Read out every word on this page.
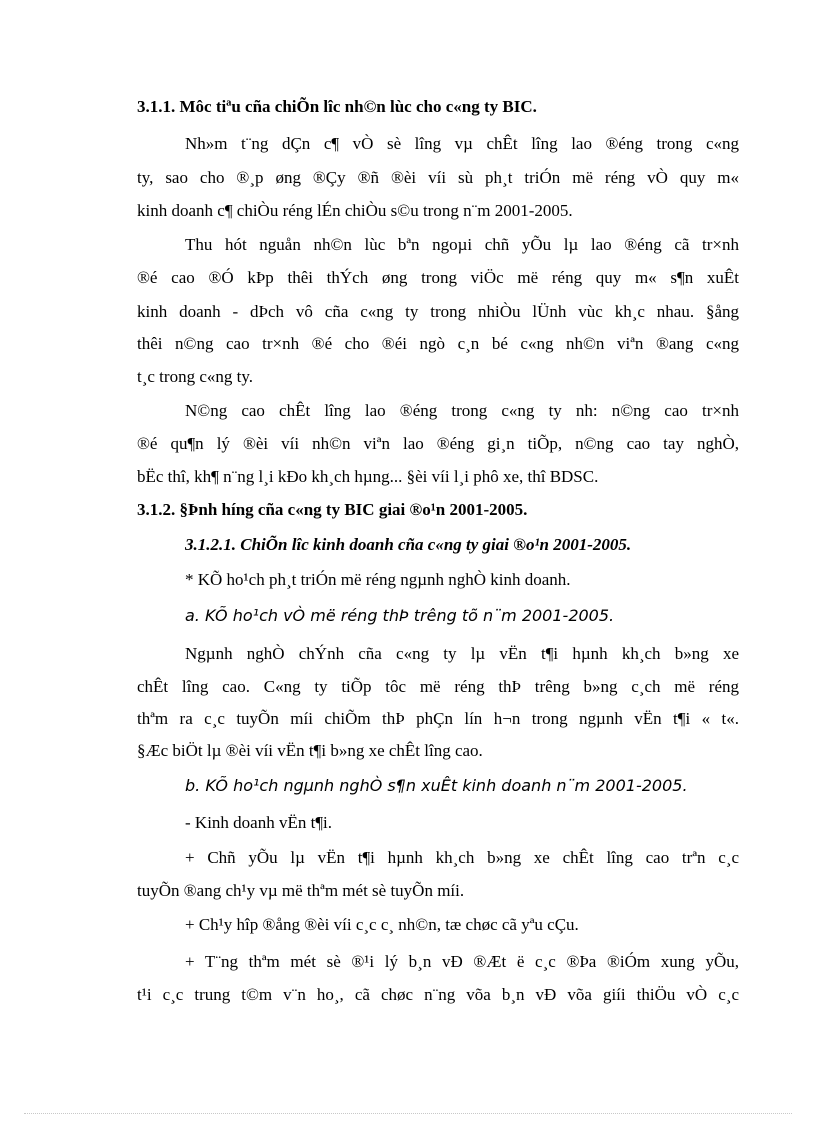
3.1.1. Môc tiªu cña chiÕn lîc nh©n lùc cho c«ng ty BIC.
Nh»m t¨ng dÇn c¶ vÒ sè lîng vµ chÊt lîng lao ®éng trong c«ng
ty, sao cho ®¸p øng ®Çy ®ñ ®èi víi sù ph¸t triÓn më réng vÒ quy m«
kinh doanh c¶ chiÒu réng lÉn chiÒu s©u trong n¨m 2001-2005.
Thu hót nguån nh©n lùc bªn ngoµi chñ yÕu lµ lao ®éng cã tr×nh
®é cao ®Ó kÞp thêi thÝch øng trong viÖc më réng quy m« s¶n xuÊt
kinh doanh - dÞch vô cña c«ng ty trong nhiÒu lÜnh vùc kh¸c nhau. §ång
thêi n©ng cao tr×nh ®é cho ®éi ngò c¸n bé c«ng nh©n viªn ®ang c«ng
t¸c trong c«ng ty.
N©ng cao chÊt lîng lao ®éng trong c«ng ty nh: n©ng cao tr×nh
®é qu¶n lý ®èi víi nh©n viªn lao ®éng gi¸n tiÕp, n©ng cao tay nghÒ,
bËc thî, kh¶ n¨ng l¸i kÐo kh¸ch hµng... §èi víi l¸i phô xe, thî BDSC.
3.1.2. §Þnh híng cña c«ng ty BIC giai ®o¹n 2001-2005.
3.1.2.1. ChiÕn lîc kinh doanh cña c«ng ty giai ®o¹n 2001-2005.
* KÕ ho¹ch ph¸t triÓn më réng ngµnh nghÒ kinh doanh.
a. KÕ ho¹ch vÒ më réng thÞ trêng tõ n¨m 2001-2005.
Ngµnh nghÒ chÝnh cña c«ng ty lµ vËn t¶i hµnh kh¸ch b»ng xe
chÊt lîng cao. C«ng ty tiÕp tôc më réng thÞ trêng b»ng c¸ch më réng
thªm ra c¸c tuyÕn míi chiÕm thÞ phÇn lín h¬n trong ngµnh vËn t¶i « t«.
§Æc biÖt lµ ®èi víi vËn t¶i b»ng xe chÊt lîng cao.
b. KÕ ho¹ch ngµnh nghÒ s¶n xuÊt kinh doanh n¨m 2001-2005.
- Kinh doanh vËn t¶i.
+ Chñ yÕu lµ vËn t¶i hµnh kh¸ch b»ng xe chÊt lîng cao trªn c¸c
tuyÕn ®ang ch¹y vµ më thªm mét sè tuyÕn míi.
+ Ch¹y hîp ®ång ®èi víi c¸c c¸ nh©n, tæ chøc cã yªu cÇu.
+ T¨ng thªm mét sè ®¹i lý b¸n vÐ ®Æt ë c¸c ®Þa ®iÓm xung yÕu,
t¹i c¸c trung t©m v¨n ho¸, cã chøc n¨ng võa b¸n vÐ võa giíi thiÖu vÒ c¸c
